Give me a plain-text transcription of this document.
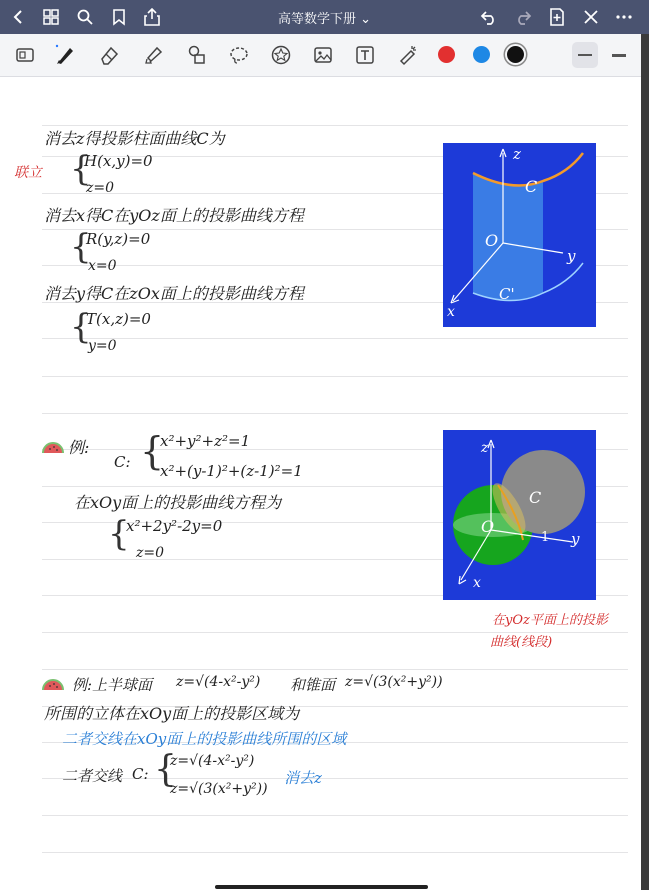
高等数学下册 ⌄
消去z得投影柱面曲线C为
联立 {
H(x,y)=0
z=0
消去x得C在yOz面上的投影曲线方程
{
R(y,z)=0
x=0
消去y得C在zOx面上的投影曲线方程
{
T(x,z)=0
y=0
z
C
O
y
C'
x
例:
C: {
x²+y²+z²=1
x²+(y-1)²+(z-1)²=1
在xOy面上的投影曲线方程为
{
x²+2y²-2y=0
z=0
z
C
O
1 y
x
在yOz平面上的投影
曲线(线段)
例:上半球面 z=√(4-x²-y²) 和锥面 z=√(3(x²+y²))
所围的立体在xOy面上的投影区域为
二者交线在xOy面上的投影曲线所围的区域
二者交线 C: {
z=√(4-x²-y²)
z=√(3(x²+y²))
消去z
